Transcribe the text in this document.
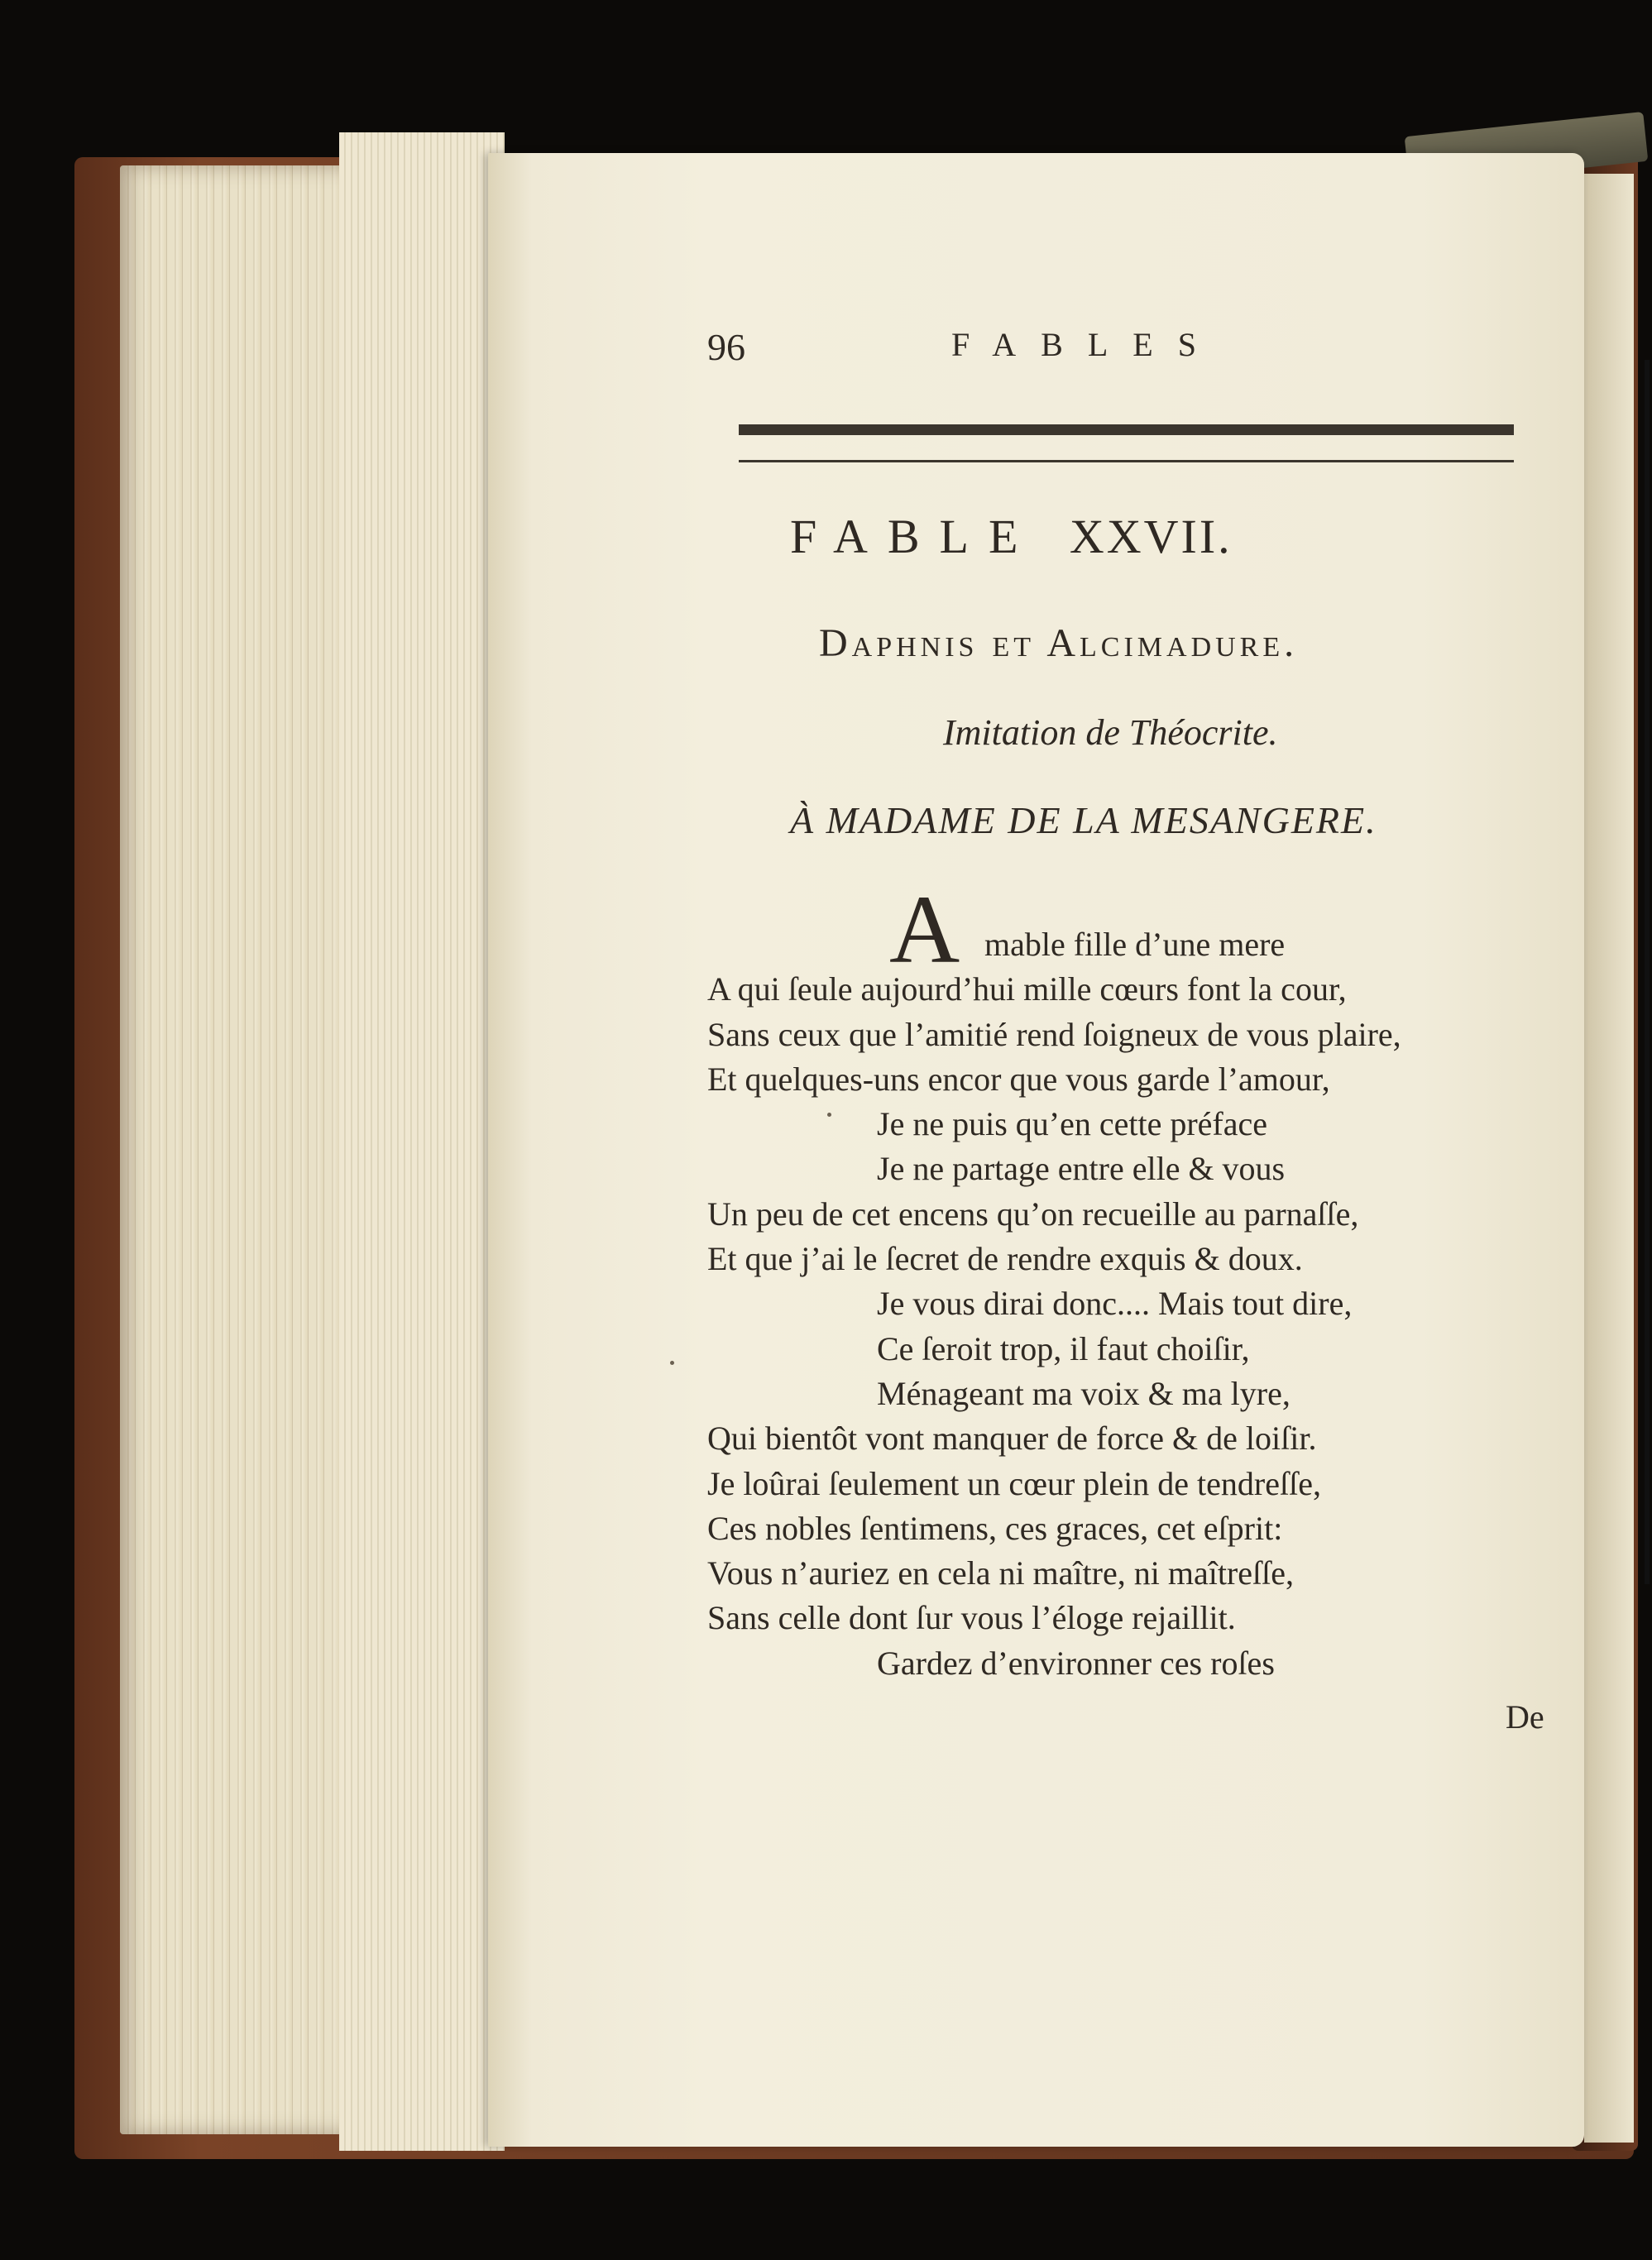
96	FABLES
FABLE XXVII.
Daphnis et Alcimadure.
Imitation de Théocrite.
À MADAME DE LA MESANGERE.
A mable fille d’une mere
A qui ſeule aujourd’hui mille cœurs font la cour,
Sans ceux que l’amitié rend ſoigneux de vous plaire,
Et quelques-uns encor que vous garde l’amour,
Je ne puis qu’en cette préface
Je ne partage entre elle & vous
Un peu de cet encens qu’on recueille au parnaſſe,
Et que j’ai le ſecret de rendre exquis & doux.
Je vous dirai donc.... Mais tout dire,
Ce ſeroit trop, il faut choiſir,
Ménageant ma voix & ma lyre,
Qui bientôt vont manquer de force & de loiſir.
Je loûrai ſeulement un cœur plein de tendreſſe,
Ces nobles ſentimens, ces graces, cet eſprit:
Vous n’auriez en cela ni maître, ni maîtreſſe,
Sans celle dont ſur vous l’éloge rejaillit.
Gardez d’environner ces roſes
De
